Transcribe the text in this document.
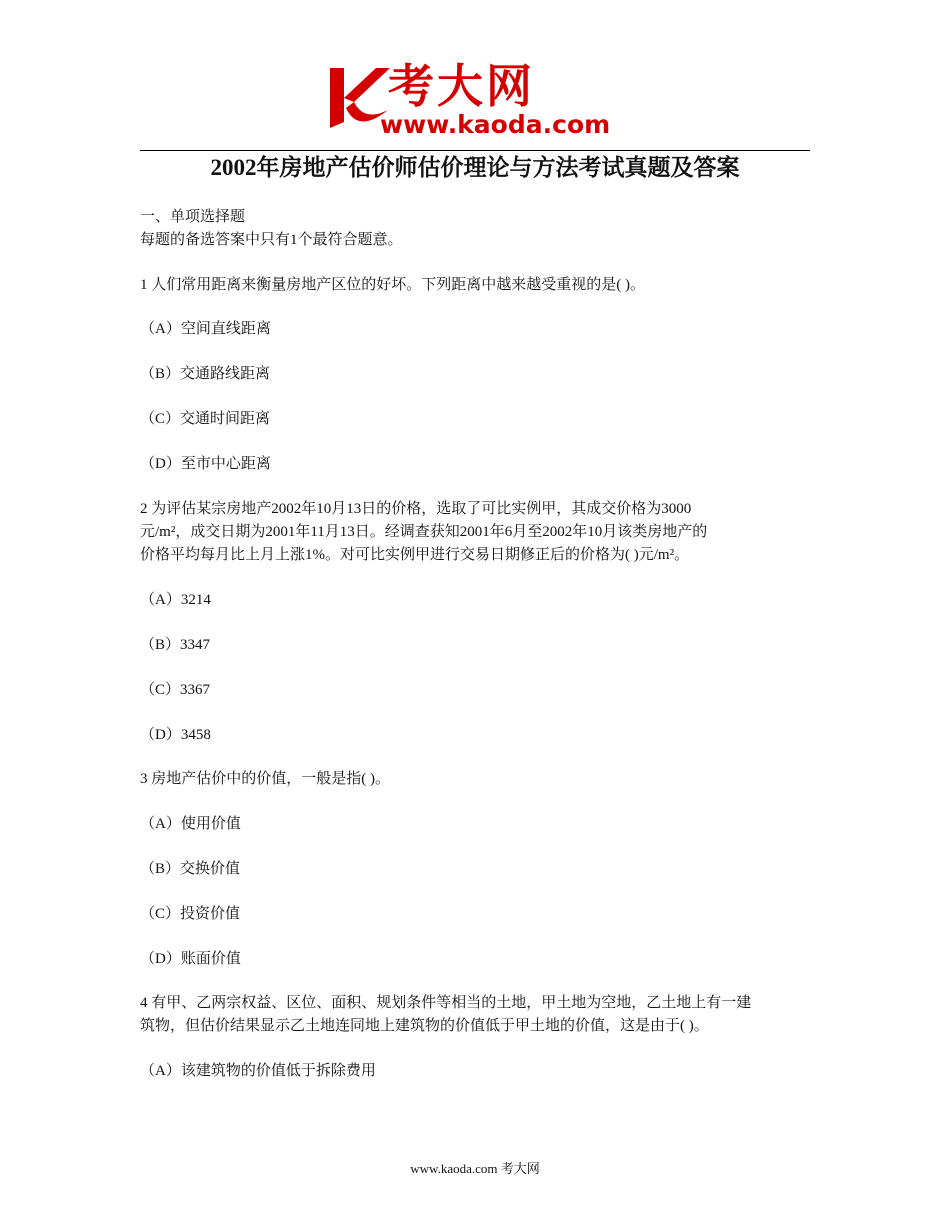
考大网
www.kaoda.com
2002年房地产估价师估价理论与方法考试真题及答案
一、单项选择题
每题的备选答案中只有1个最符合题意。
1 人们常用距离来衡量房地产区位的好坏。下列距离中越来越受重视的是( )。
（A）空间直线距离
（B）交通路线距离
（C）交通时间距离
（D）至市中心距离
2 为评估某宗房地产2002年10月13日的价格，选取了可比实例甲，其成交价格为3000
元/m²，成交日期为2001年11月13日。经调查获知2001年6月至2002年10月该类房地产的
价格平均每月比上月上涨1%。对可比实例甲进行交易日期修正后的价格为( )元/m²。
（A）3214
（B）3347
（C）3367
（D）3458
3 房地产估价中的价值，一般是指( )。
（A）使用价值
（B）交换价值
（C）投资价值
（D）账面价值
4 有甲、乙两宗权益、区位、面积、规划条件等相当的土地，甲土地为空地，乙土地上有一建
筑物，但估价结果显示乙土地连同地上建筑物的价值低于甲土地的价值，这是由于( )。
（A）该建筑物的价值低于拆除费用
www.kaoda.com 考大网
